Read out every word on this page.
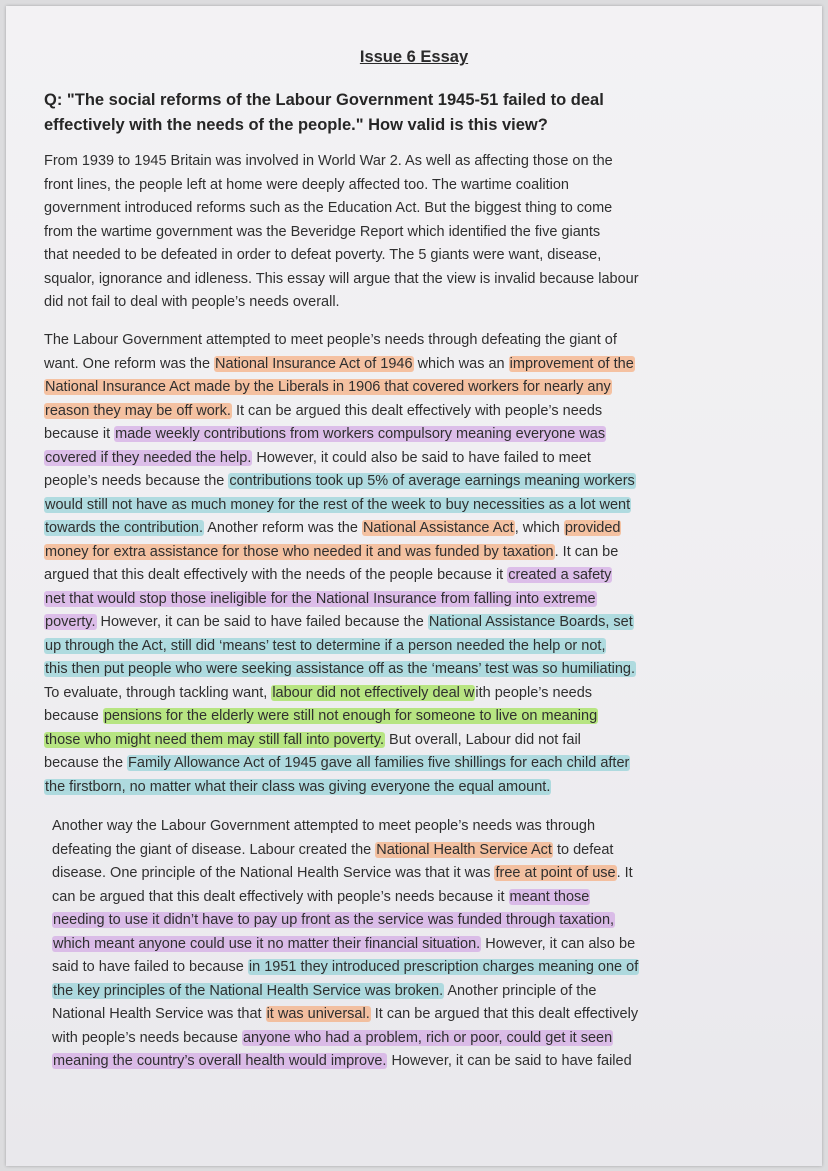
Issue 6 Essay
Q: "The social reforms of the Labour Government 1945-51 failed to deal
effectively with the needs of the people." How valid is this view?
From 1939 to 1945 Britain was involved in World War 2. As well as affecting those on the
front lines, the people left at home were deeply affected too. The wartime coalition
government introduced reforms such as the Education Act. But the biggest thing to come
from the wartime government was the Beveridge Report which identified the five giants
that needed to be defeated in order to defeat poverty. The 5 giants were want, disease,
squalor, ignorance and idleness. This essay will argue that the view is invalid because labour
did not fail to deal with people’s needs overall.
The Labour Government attempted to meet people’s needs through defeating the giant of
want. One reform was the National Insurance Act of 1946 which was an improvement of the
National Insurance Act made by the Liberals in 1906 that covered workers for nearly any
reason they may be off work. It can be argued this dealt effectively with people’s needs
because it made weekly contributions from workers compulsory meaning everyone was
covered if they needed the help. However, it could also be said to have failed to meet
people’s needs because the contributions took up 5% of average earnings meaning workers
would still not have as much money for the rest of the week to buy necessities as a lot went
towards the contribution. Another reform was the National Assistance Act, which provided
money for extra assistance for those who needed it and was funded by taxation. It can be
argued that this dealt effectively with the needs of the people because it created a safety
net that would stop those ineligible for the National Insurance from falling into extreme
poverty. However, it can be said to have failed because the National Assistance Boards, set
up through the Act, still did ‘means’ test to determine if a person needed the help or not,
this then put people who were seeking assistance off as the ‘means’ test was so humiliating.
To evaluate, through tackling want, labour did not effectively deal with people’s needs
because pensions for the elderly were still not enough for someone to live on meaning
those who might need them may still fall into poverty. But overall, Labour did not fail
because the Family Allowance Act of 1945 gave all families five shillings for each child after
the firstborn, no matter what their class was giving everyone the equal amount.
Another way the Labour Government attempted to meet people’s needs was through
defeating the giant of disease. Labour created the National Health Service Act to defeat
disease. One principle of the National Health Service was that it was free at point of use. It
can be argued that this dealt effectively with people’s needs because it meant those
needing to use it didn’t have to pay up front as the service was funded through taxation,
which meant anyone could use it no matter their financial situation. However, it can also be
said to have failed to because in 1951 they introduced prescription charges meaning one of
the key principles of the National Health Service was broken. Another principle of the
National Health Service was that it was universal. It can be argued that this dealt effectively
with people’s needs because anyone who had a problem, rich or poor, could get it seen
meaning the country’s overall health would improve. However, it can be said to have failed
